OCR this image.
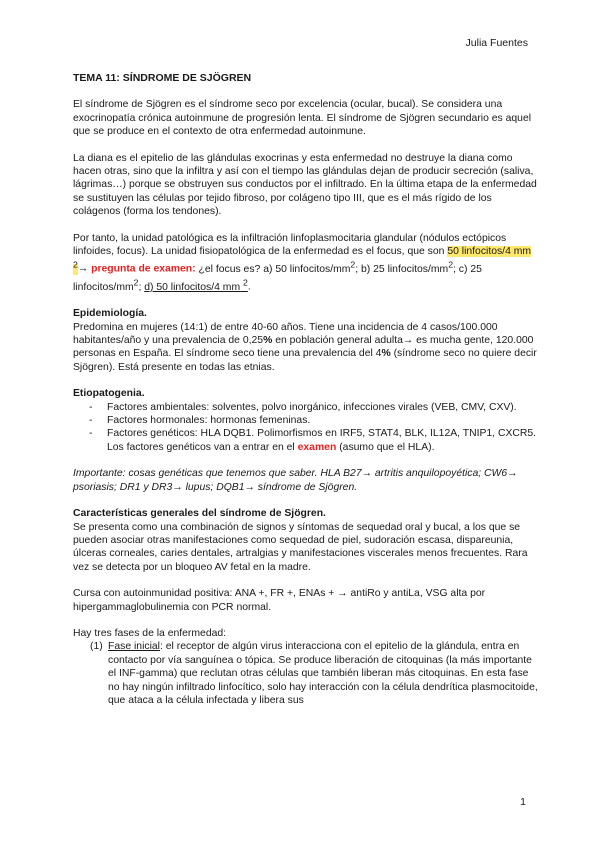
Julia Fuentes
TEMA 11: SÍNDROME DE SJÖGREN

El síndrome de Sjögren es el síndrome seco por excelencia (ocular, bucal). Se considera una exocrinopatía crónica autoinmune de progresión lenta. El síndrome de Sjögren secundario es aquel que se produce en el contexto de otra enfermedad autoinmune.

La diana es el epitelio de las glándulas exocrinas y esta enfermedad no destruye la diana como hacen otras, sino que la infiltra y así con el tiempo las glándulas dejan de producir secreción (saliva, lágrimas…) porque se obstruyen sus conductos por el infiltrado. En la última etapa de la enfermedad se sustituyen las células por tejido fibroso, por colágeno tipo III, que es el más rígido de los colágenos (forma los tendones).

Por tanto, la unidad patológica es la infiltración linfoplasmocitaria glandular (nódulos ectópicos linfoides, focus). La unidad fisiopatológica de la enfermedad es el focus, que son 50 linfocitos/4 mm $^2$→ pregunta de examen: ¿el focus es? a) 50 linfocitos/$mm^2$; b) 25 linfocitos/$mm^2$; c) 25 linfocitos/$mm^2$; d) 50 linfocitos/4 mm $^2$.

Epidemiología.

Predomina en mujeres (14:1) de entre 40-60 años. Tiene una incidencia de 4 casos/100.000 habitantes/año y una prevalencia de 0,25% en población general adulta→ es mucha gente, 120.000 personas en España. El síndrome seco tiene una prevalencia del 4% (síndrome seco no quiere decir Sjögren). Está presente en todas las etnias.

Etiopatogenia.
- Factores ambientales: solventes, polvo inorgánico, infecciones virales (VEB, CMV, CXV).
- Factores hormonales: hormonas femeninas.
- Factores genéticos: HLA DQB1. Polimorfismos en IRF5, STAT4, BLK, IL12A, TNIP1, CXCR5. Los factores genéticos van a entrar en el examen (asumo que el HLA).
Importante: cosas genéticas que tenemos que saber. HLA B27→ artritis anquilopoyética; CW6→ psoriasis; DR1 y DR3→ lupus; DQB1→ síndrome de Sjögren.
Características generales del síndrome de Sjögren.

Se presenta como una combinación de signos y síntomas de sequedad oral y bucal, a los que se pueden asociar otras manifestaciones como sequedad de piel, sudoración escasa, dispareunia, úlceras corneales, caries dentales, artralgias y manifestaciones viscerales menos frecuentes. Rara vez se detecta por un bloqueo AV fetal en la madre.

Cursa con autoinmunidad positiva: ANA +, FR +, ENAs + → antiRo y antiLa, VSG alta por hipergammaglobulinemia con PCR normal.

Hay tres fases de la enfermedad:
(1) Fase inicial: el receptor de algún virus interacciona con el epitelio de la glándula, entra en contacto por vía sanguínea o tópica. Se produce liberación de citoquinas (la más importante el INF-gamma) que reclutan otras células que también liberan más citoquinas. En esta fase no hay ningún infiltrado linfocítico, solo hay interacción con la célula dendrítica plasmocitoide, que ataca a la célula infectada y libera sus
1
